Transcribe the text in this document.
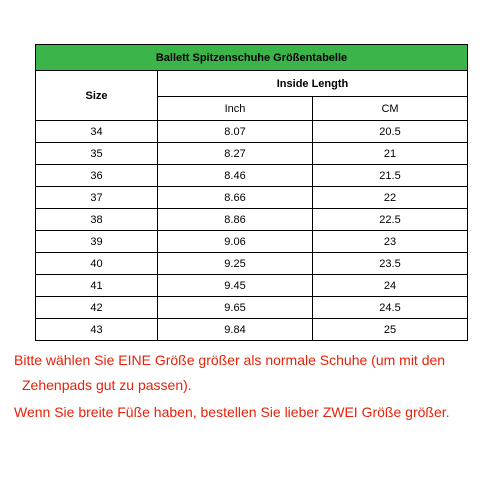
Ballett Spitzenschuhe Größentabelle		
Size	Inside Length	
	Inch	CM
34	8.07	20.5
35	8.27	21
36	8.46	21.5
37	8.66	22
38	8.86	22.5
39	9.06	23
40	9.25	23.5
41	9.45	24
42	9.65	24.5
43	9.84	25

Bitte wählen Sie EINE Größe größer als normale Schuhe (um mit den

Zehenpads gut zu passen).

Wenn Sie breite Füße haben, bestellen Sie lieber ZWEI Größe größer.
